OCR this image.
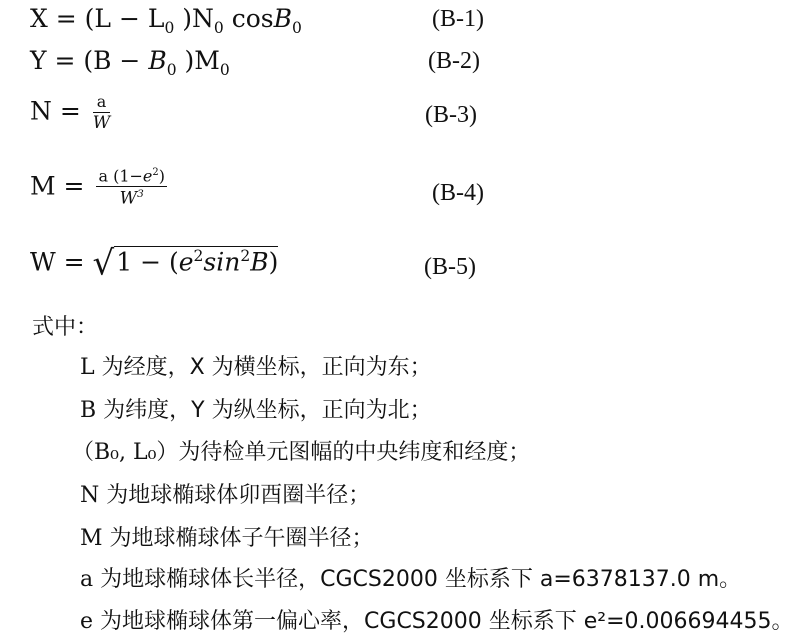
$X = (L - L_0$ )$N_0$ cosB$_0$	(B-1)
$Y = (B - B_0$ )$M_0$	(B-2)
$N = \frac{a}{W}$	(B-3)
$M = \frac{a (1-e^2)}{W^3}$	(B-4)
$W = √1 - (e^2\sin^2B)$	(B-5)
式中：
L 为经度，X 为横坐标，正向为东；
B 为纬度，Y 为纵坐标，正向为北；
（B₀, L₀）为待检单元图幅的中央纬度和经度；
N 为地球椭球体卯酉圈半径；
M 为地球椭球体子午圈半径；
a 为地球椭球体长半径，CGCS2000 坐标系下 a=6378137.0 m。
e 为地球椭球体第一偏心率，CGCS2000 坐标系下 e²=0.006694455。
